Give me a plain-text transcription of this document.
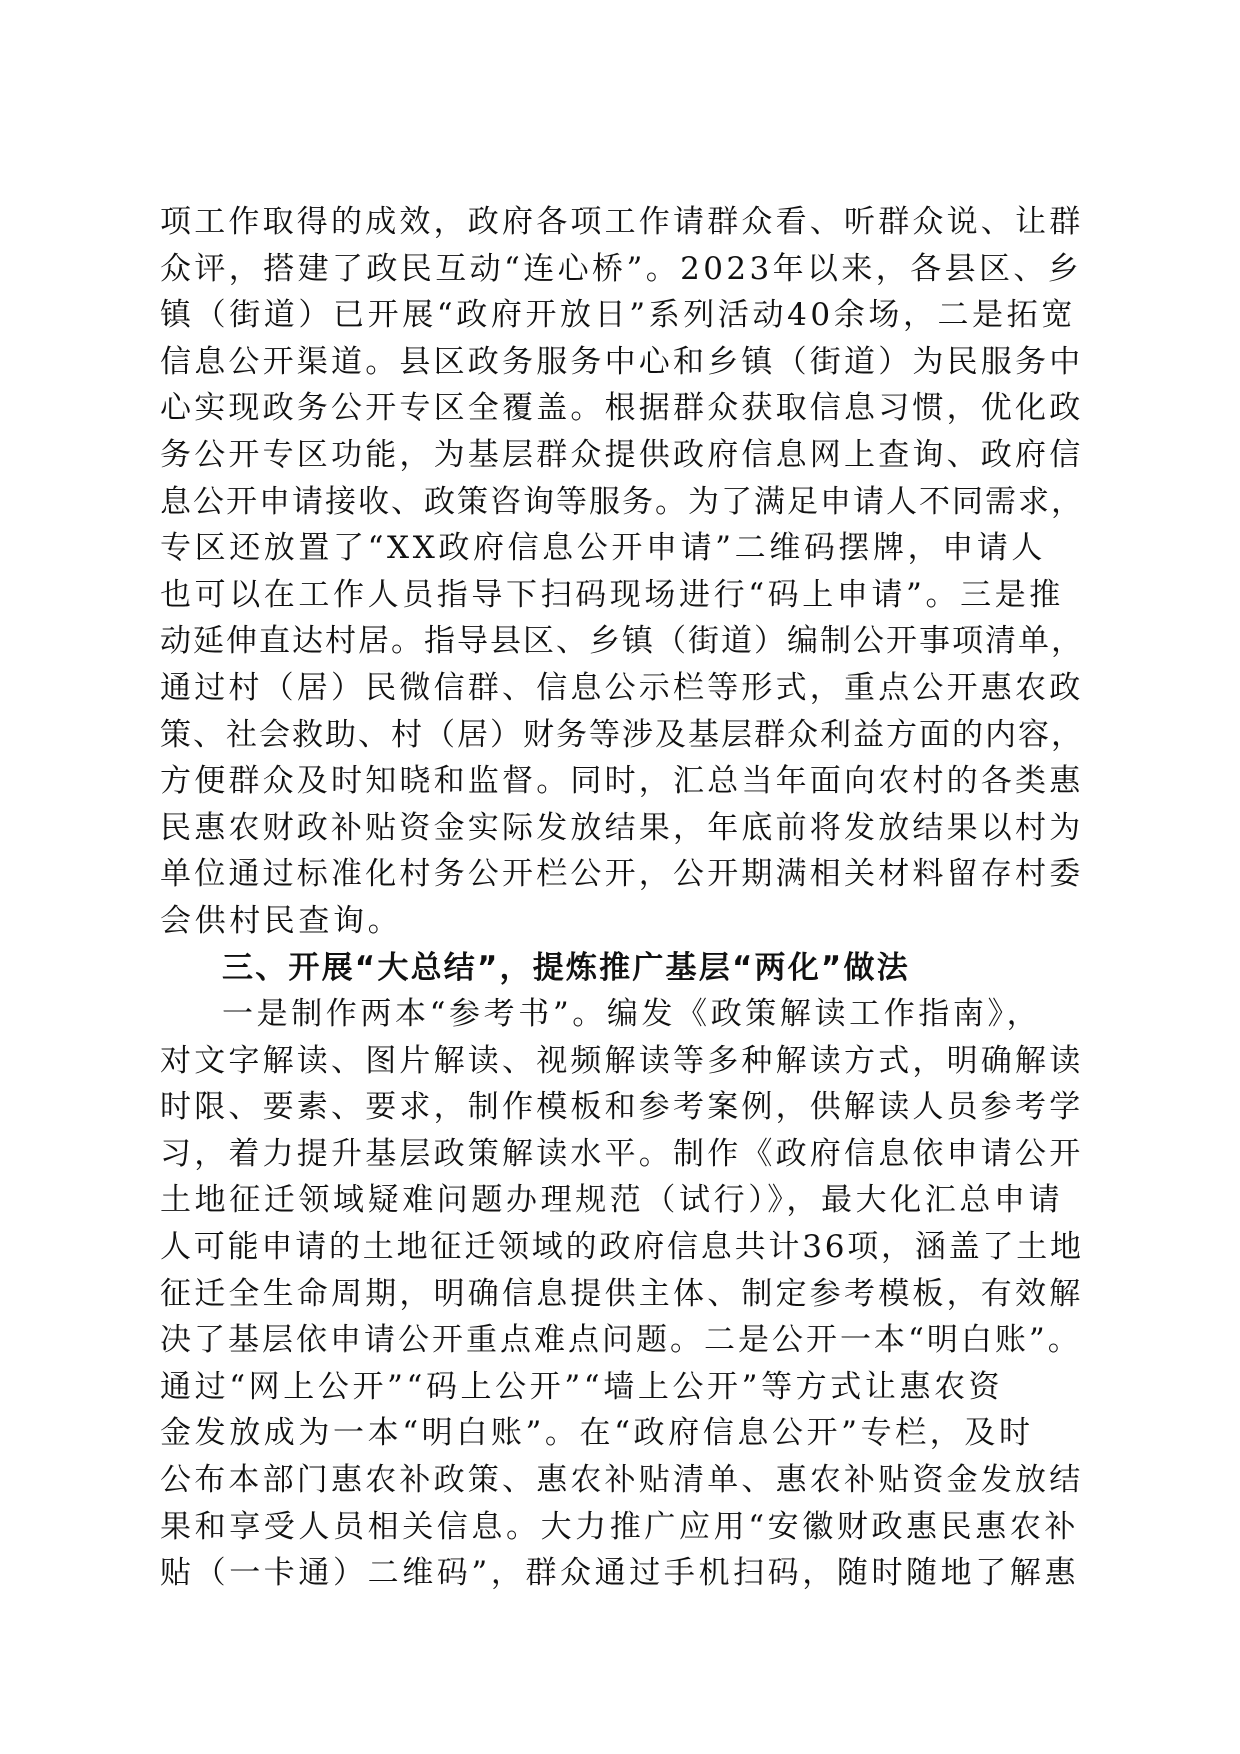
项工作取得的成效，政府各项工作请群众看、听群众说、让群
众评，搭建了政民互动“连心桥”。2023年以来，各县区、乡
镇（街道）已开展“政府开放日”系列活动40余场，二是拓宽
信息公开渠道。县区政务服务中心和乡镇（街道）为民服务中
心实现政务公开专区全覆盖。根据群众获取信息习惯，优化政
务公开专区功能，为基层群众提供政府信息网上查询、政府信
息公开申请接收、政策咨询等服务。为了满足申请人不同需求，
专区还放置了“XX政府信息公开申请”二维码摆牌，申请人
也可以在工作人员指导下扫码现场进行“码上申请”。三是推
动延伸直达村居。指导县区、乡镇（街道）编制公开事项清单，
通过村（居）民微信群、信息公示栏等形式，重点公开惠农政
策、社会救助、村（居）财务等涉及基层群众利益方面的内容，
方便群众及时知晓和监督。同时，汇总当年面向农村的各类惠
民惠农财政补贴资金实际发放结果，年底前将发放结果以村为
单位通过标准化村务公开栏公开，公开期满相关材料留存村委
会供村民查询。
三、开展“大总结”，提炼推广基层“两化”做法
一是制作两本“参考书”。编发《政策解读工作指南》，
对文字解读、图片解读、视频解读等多种解读方式，明确解读
时限、要素、要求，制作模板和参考案例，供解读人员参考学
习，着力提升基层政策解读水平。制作《政府信息依申请公开
土地征迁领域疑难问题办理规范（试行）》，最大化汇总申请
人可能申请的土地征迁领域的政府信息共计36项，涵盖了土地
征迁全生命周期，明确信息提供主体、制定参考模板，有效解
决了基层依申请公开重点难点问题。二是公开一本“明白账”。
通过“网上公开”“码上公开”“墙上公开”等方式让惠农资
金发放成为一本“明白账”。在“政府信息公开”专栏，及时
公布本部门惠农补政策、惠农补贴清单、惠农补贴资金发放结
果和享受人员相关信息。大力推广应用“安徽财政惠民惠农补
贴（一卡通）二维码”，群众通过手机扫码，随时随地了解惠
